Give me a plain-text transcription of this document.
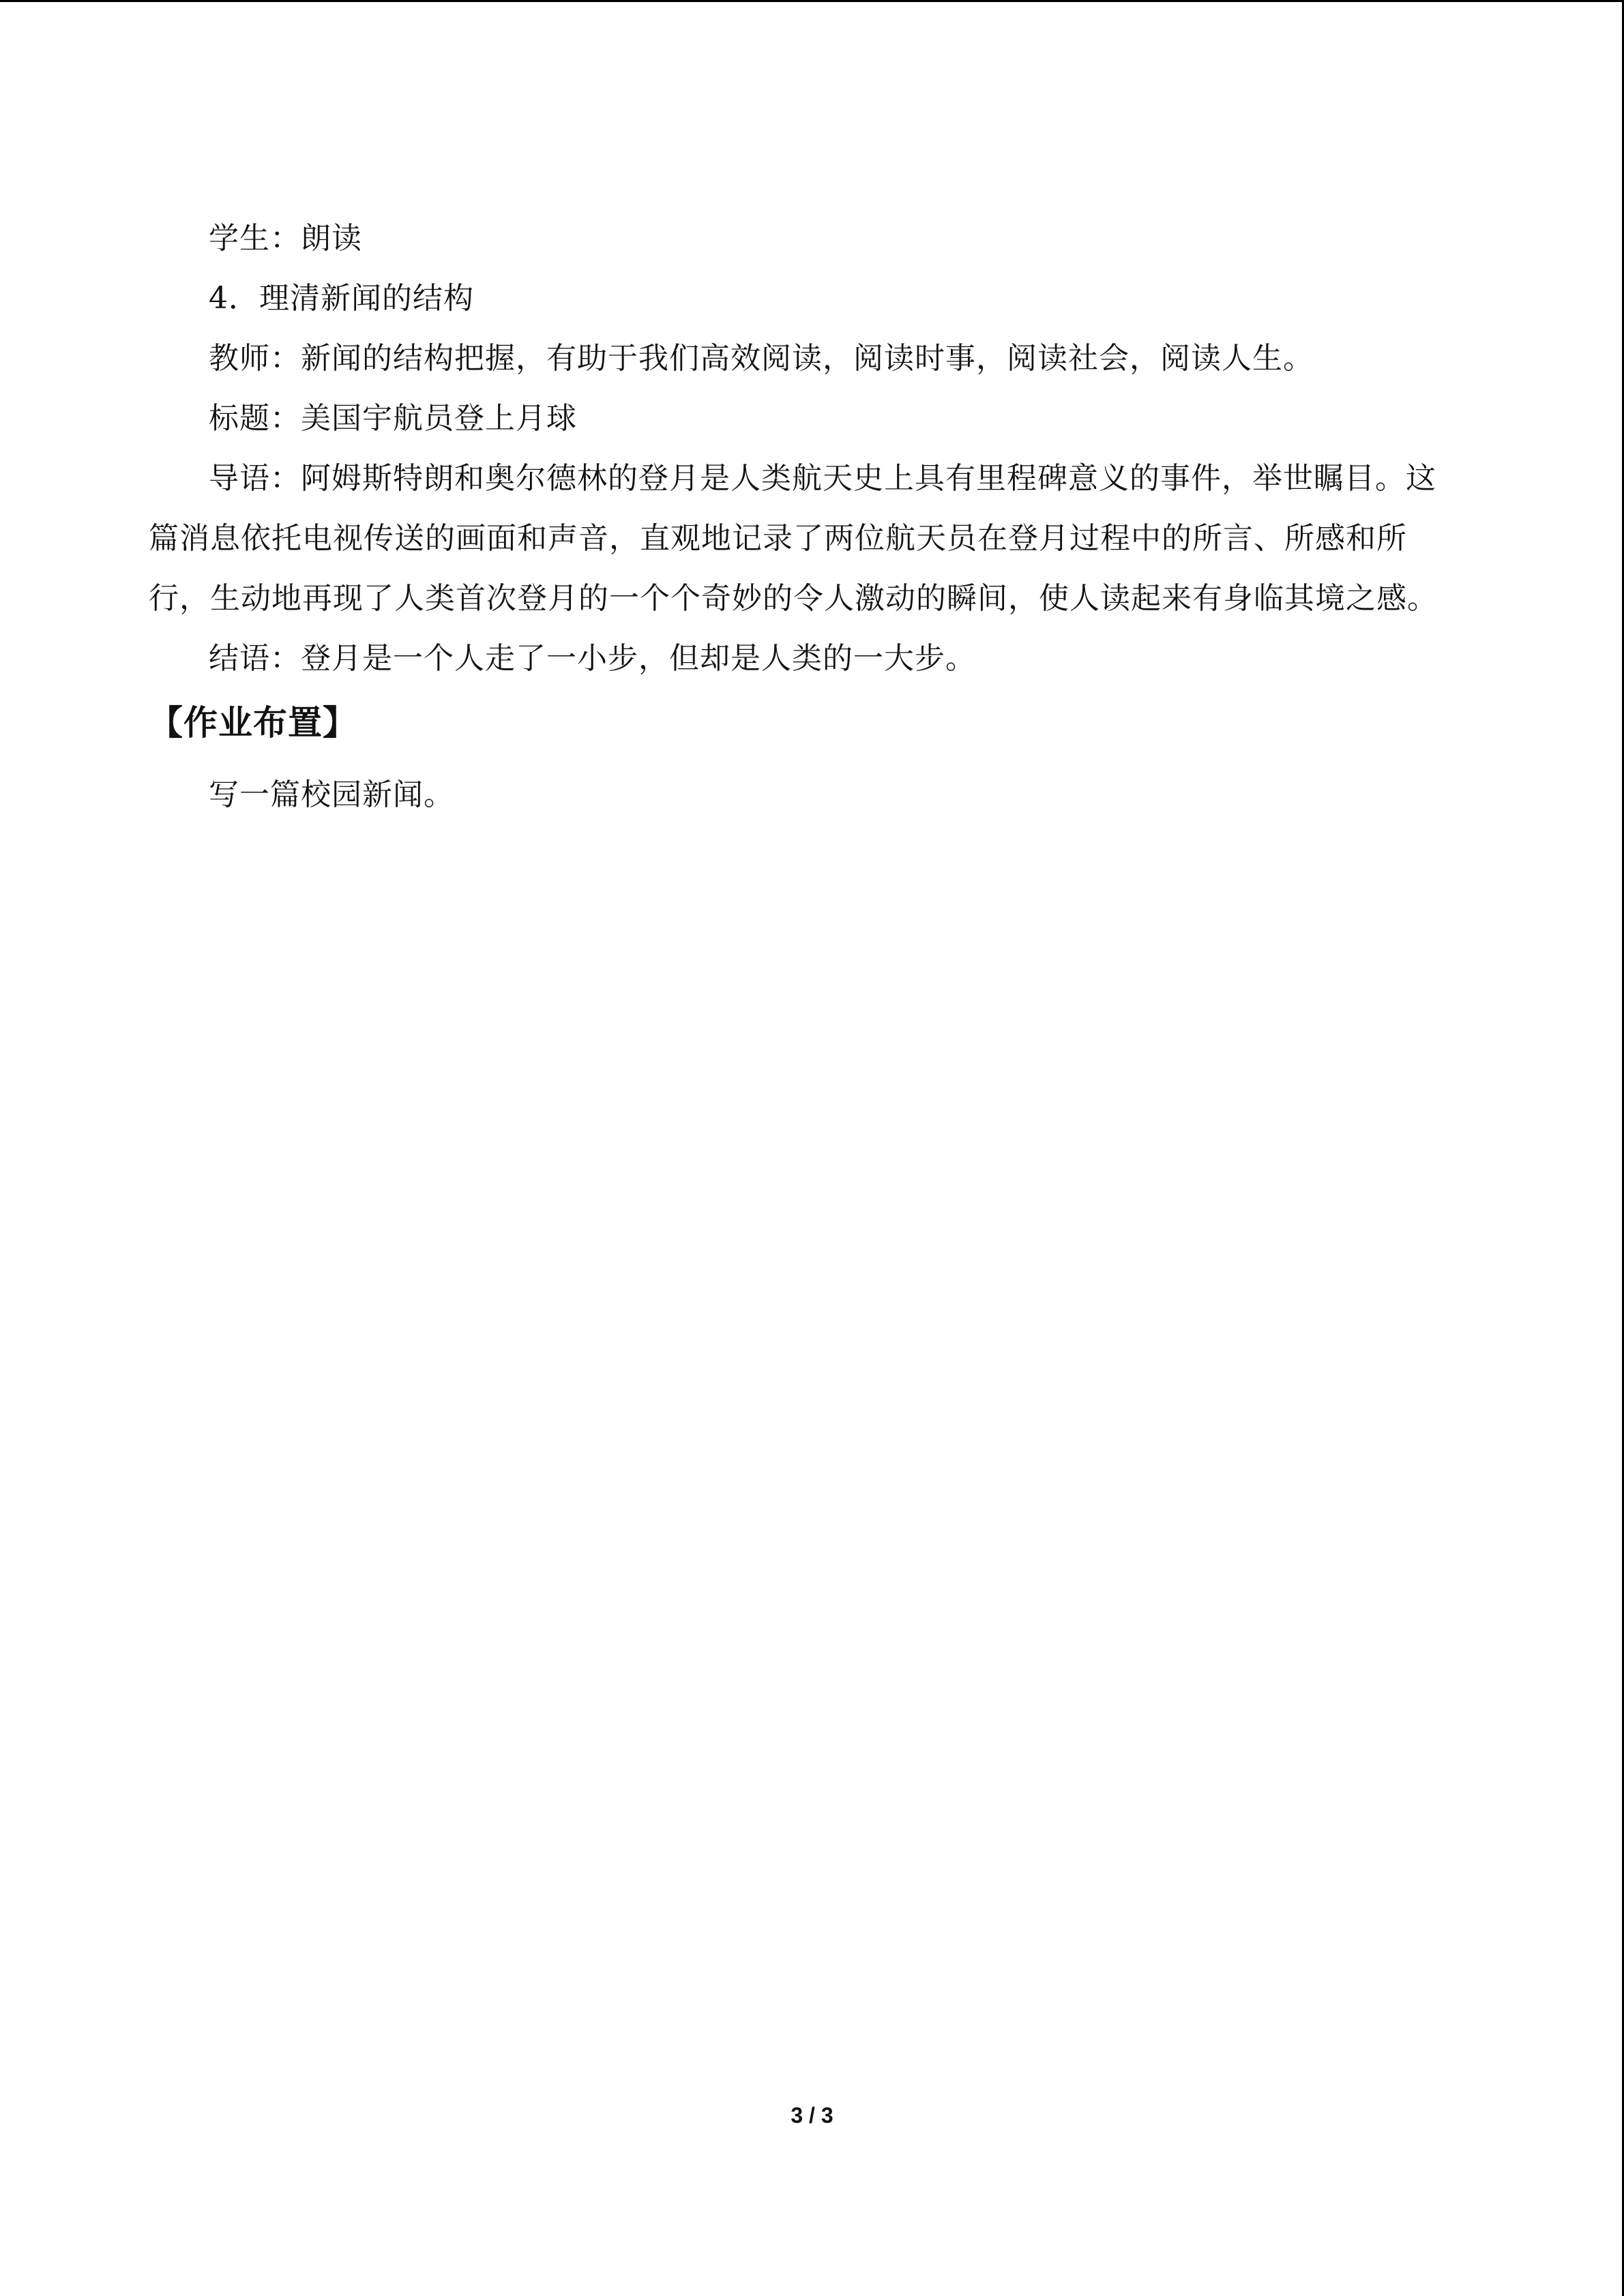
学生：朗读

4．理清新闻的结构

教师：新闻的结构把握，有助于我们高效阅读，阅读时事，阅读社会，阅读人生。

标题：美国宇航员登上月球

导语：阿姆斯特朗和奥尔德林的登月是人类航天史上具有里程碑意义的事件，举世瞩目。这篇消息依托电视传送的画面和声音，直观地记录了两位航天员在登月过程中的所言、所感和所行，生动地再现了人类首次登月的一个个奇妙的令人激动的瞬间，使人读起来有身临其境之感。

结语：登月是一个人走了一小步，但却是人类的一大步。

【作业布置】

写一篇校园新闻。

3 / 3
